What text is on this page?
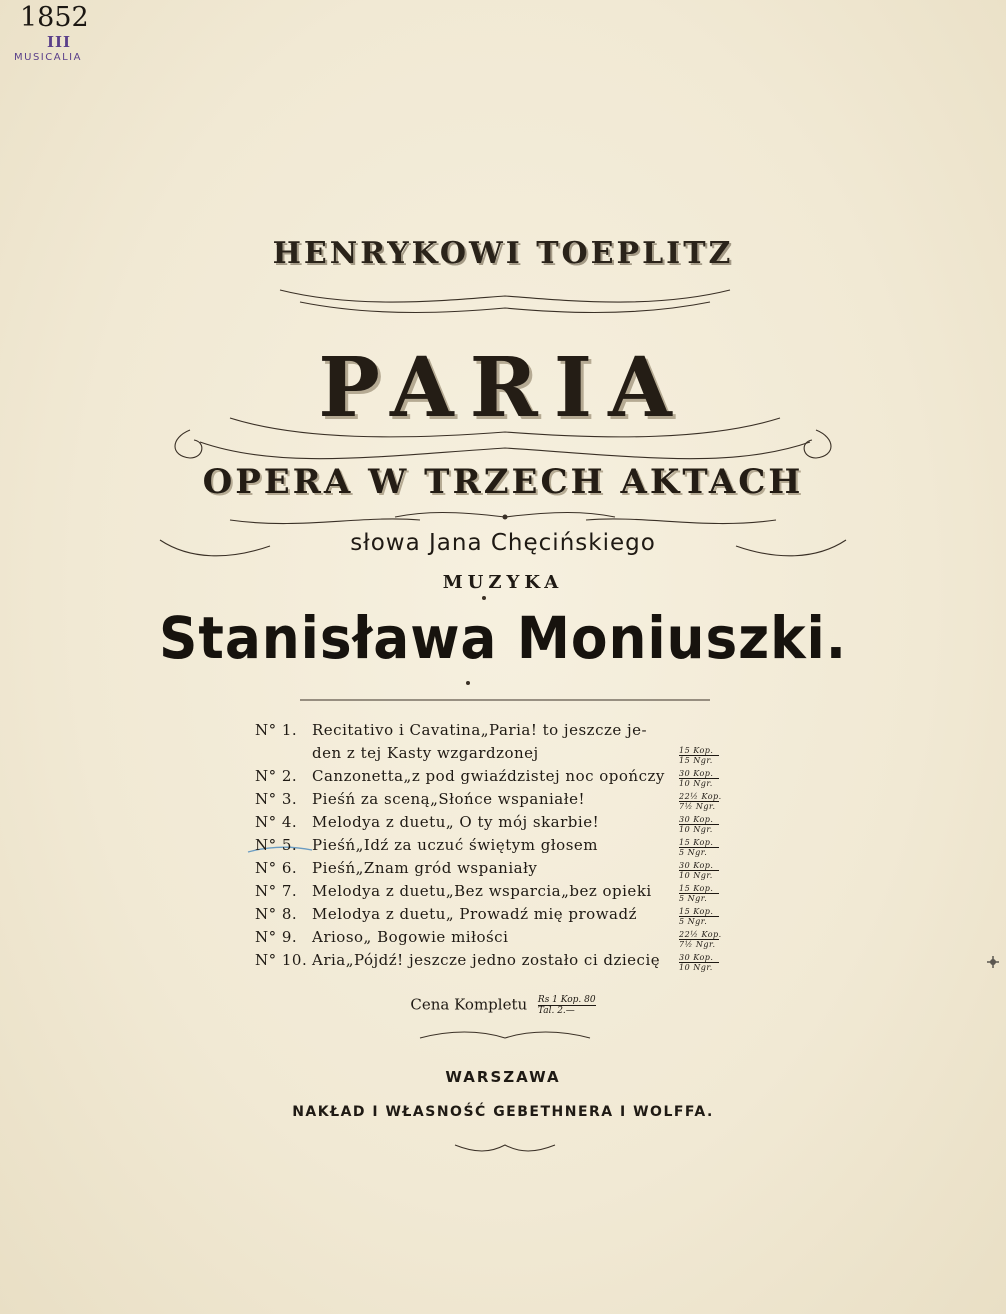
1852
III
MUSICALIA
HENRYKOWI TOEPLITZ
PARIA
OPERA W TRZECH AKTACH
słowa Jana Chęcińskiego
MUZYKA
Stanisława Moniuszki.
N° 1. Recitativo i Cavatina„Paria! to jeszcze je-
den z tej Kasty wzgardzonej	15 Kop.
15 Ngr.
N° 2. Canzonetta„z pod gwiaździstej noc opończy 30 Kop.
10 Ngr.
N° 3. Pieśń za sceną„Słońce wspaniałe!	22½ Kop.
7½ Ngr.
N° 4. Melodya z duetu„ O ty mój skarbie!	30 Kop.
10 Ngr.
N° 5. Pieśń„Idź za uczuć świętym głosem	15 Kop.
5 Ngr.
N° 6. Pieśń„Znam gród wspaniały	30 Kop.
10 Ngr.
N° 7. Melodya z duetu„Bez wsparcia„bez opieki	15 Kop.
5 Ngr.
N° 8. Melodya z duetu„ Prowadź mię prowadź	15 Kop.
5 Ngr.
N° 9. Arioso„ Bogowie miłości	22½ Kop.
7½ Ngr.
N° 10. Aria„Pójdź! jeszcze jedno zostało ci dziecię 30 Kop.
10 Ngr.
Cena Kompletu Rs 1 Kop. 80
Tal. 2.—
WARSZAWA
NAKŁAD I WŁASNOŚĆ GEBETHNERA I WOLFFA.
